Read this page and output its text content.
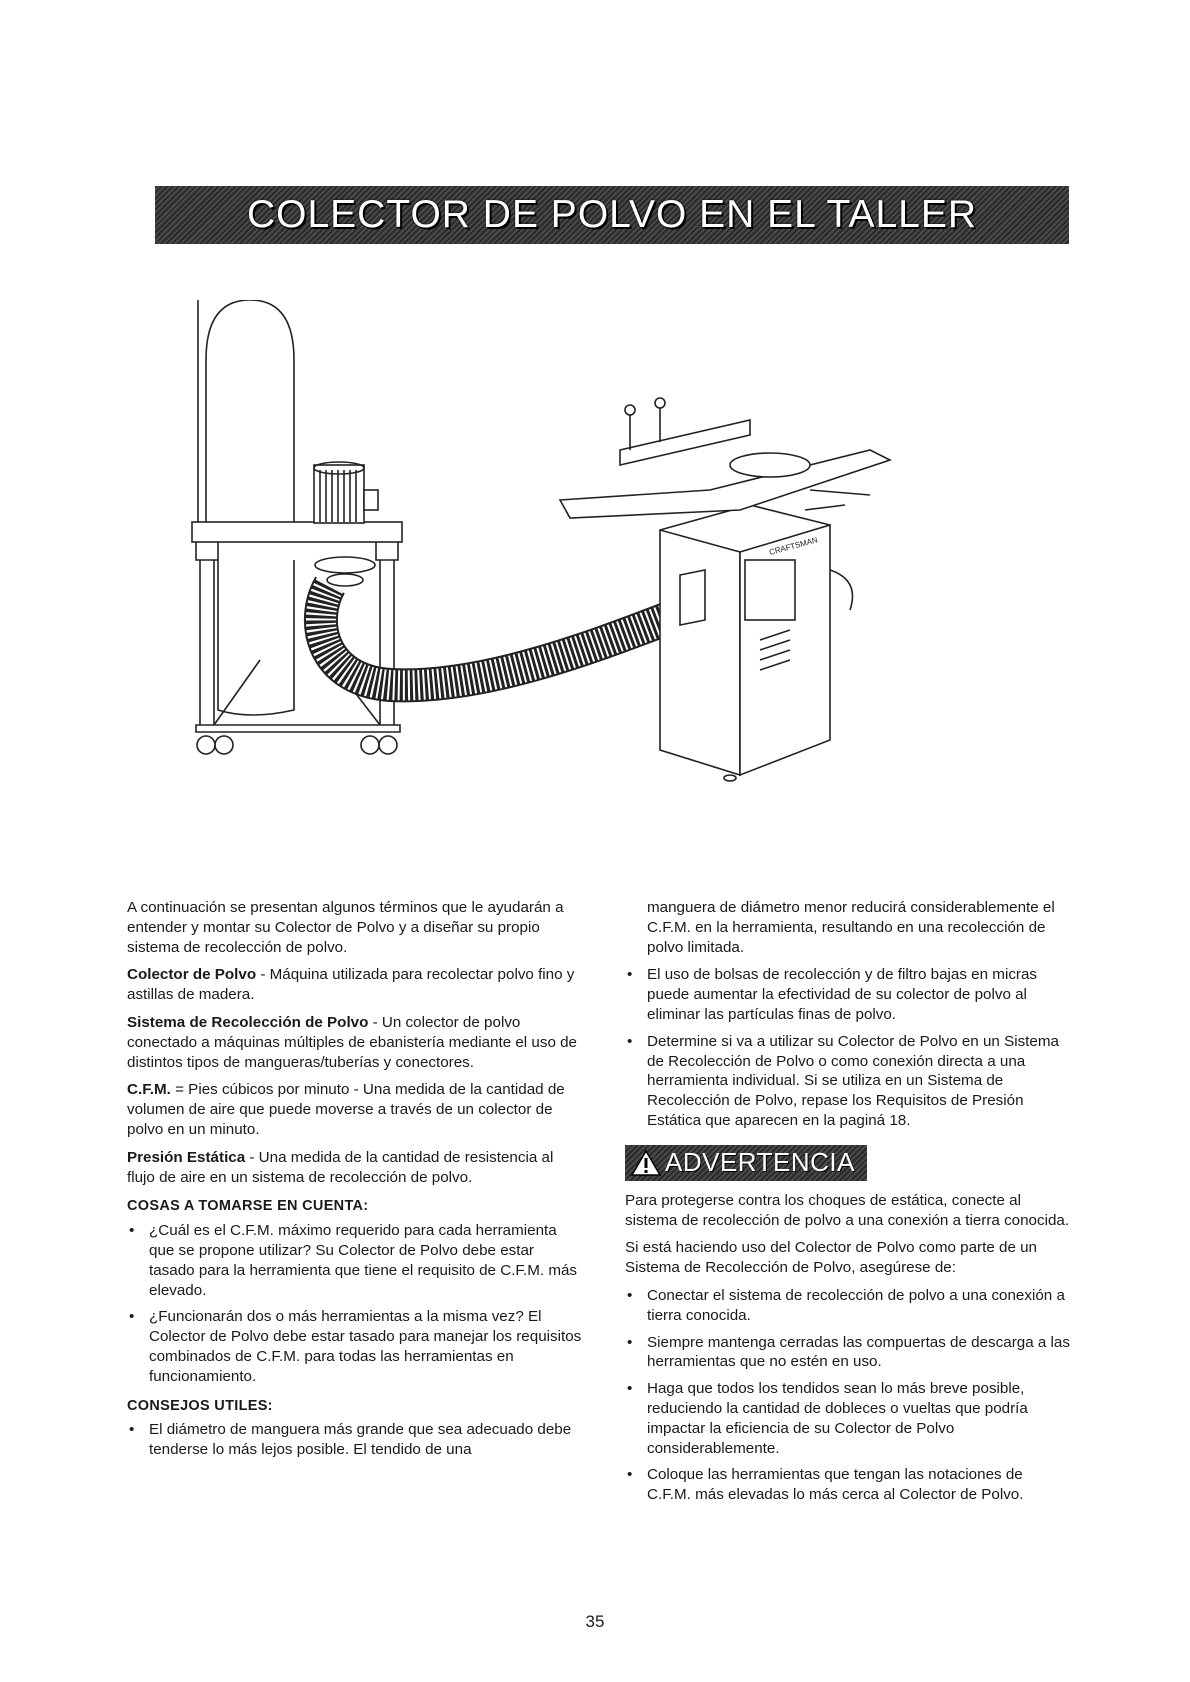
COLECTOR DE POLVO EN EL TALLER
CRAFTSMAN

A continuación se presentan algunos términos que le ayudarán a entender y montar su Colector de Polvo y a diseñar su propio sistema de recolección de polvo.

Colector de Polvo - Máquina utilizada para recolectar polvo fino y astillas de madera.

Sistema de Recolección de Polvo - Un colector de polvo conectado a máquinas múltiples de ebanistería mediante el uso de distintos tipos de mangueras/tuberías y conectores.

C.F.M. = Pies cúbicos por minuto - Una medida de la cantidad de volumen de aire que puede moverse a través de un colector de polvo en un minuto.

Presión Estática - Una medida de la cantidad de resistencia al flujo de aire en un sistema de recolección de polvo.

COSAS A TOMARSE EN CUENTA:
• ¿Cuál es el C.F.M. máximo requerido para cada herramienta que se propone utilizar? Su Colector de Polvo debe estar tasado para la herramienta que tiene el requisito de C.F.M. más elevado.
• ¿Funcionarán dos o más herramientas a la misma vez? El Colector de Polvo debe estar tasado para manejar los requisitos combinados de C.F.M. para todas las herramientas en funcionamiento.
CONSEJOS UTILES:
• El diámetro de manguera más grande que sea adecuado debe tenderse lo más lejos posible. El tendido de una

manguera de diámetro menor reducirá considerablemente el C.F.M. en la herramienta, resultando en una recolección de polvo limitada.

• El uso de bolsas de recolección y de filtro bajas en micras puede aumentar la efectividad de su colector de polvo al eliminar las partículas finas de polvo.
• Determine si va a utilizar su Colector de Polvo en un Sistema de Recolección de Polvo o como conexión directa a una herramienta individual. Si se utiliza en un Sistema de Recolección de Polvo, repase los Requisitos de Presión Estática que aparecen en la paginá 18.
ADVERTENCIA

Para protegerse contra los choques de estática, conecte al sistema de recolección de polvo a una conexión a tierra conocida.

Si está haciendo uso del Colector de Polvo como parte de un Sistema de Recolección de Polvo, asegúrese de:

• Conectar el sistema de recolección de polvo a una conexión a tierra conocida.
• Siempre mantenga cerradas las compuertas de descarga a las herramientas que no estén en uso.
• Haga que todos los tendidos sean lo más breve posible, reduciendo la cantidad de dobleces o vueltas que podría impactar la eficiencia de su Colector de Polvo considerablemente.
• Coloque las herramientas que tengan las notaciones de C.F.M. más elevadas lo más cerca al Colector de Polvo.
35
